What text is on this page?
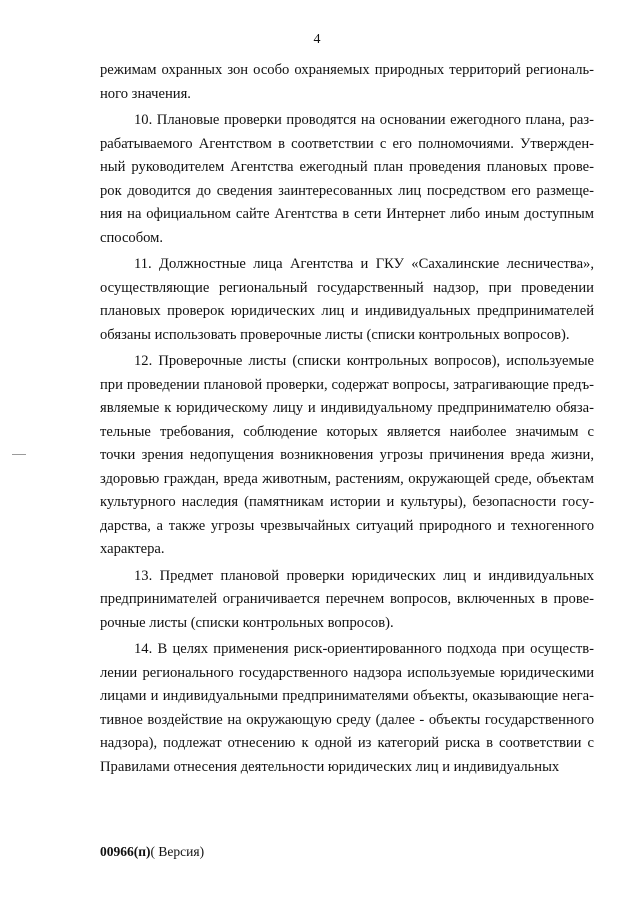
4
режимам охранных зон особо охраняемых природных территорий региональ-
ного значения.
10. Плановые проверки проводятся на основании ежегодного плана, раз-
рабатываемого Агентством в соответствии с его полномочиями. Утвержден-
ный руководителем Агентства ежегодный план проведения плановых прове-
рок доводится до сведения заинтересованных лиц посредством его размеще-
ния на официальном сайте Агентства в сети Интернет либо иным доступным
способом.
11. Должностные лица Агентства и ГКУ «Сахалинские лесничества»,
осуществляющие региональный государственный надзор, при проведении
плановых проверок юридических лиц и индивидуальных предпринимателей
обязаны использовать проверочные листы (списки контрольных вопросов).
12. Проверочные листы (списки контрольных вопросов), используемые
при проведении плановой проверки, содержат вопросы, затрагивающие предъ-
являемые к юридическому лицу и индивидуальному предпринимателю обяза-
тельные требования, соблюдение которых является наиболее значимым с
точки зрения недопущения возникновения угрозы причинения вреда жизни,
здоровью граждан, вреда животным, растениям, окружающей среде, объектам
культурного наследия (памятникам истории и культуры), безопасности госу-
дарства, а также угрозы чрезвычайных ситуаций природного и техногенного
характера.
13. Предмет плановой проверки юридических лиц и индивидуальных
предпринимателей ограничивается перечнем вопросов, включенных в прове-
рочные листы (списки контрольных вопросов).
14. В целях применения риск-ориентированного подхода при осуществ-
лении регионального государственного надзора используемые юридическими
лицами и индивидуальными предпринимателями объекты, оказывающие нега-
тивное воздействие на окружающую среду (далее - объекты государственного
надзора), подлежат отнесению к одной из категорий риска в соответствии с
Правилами отнесения деятельности юридических лиц и индивидуальных
00966(п)( Версия)
